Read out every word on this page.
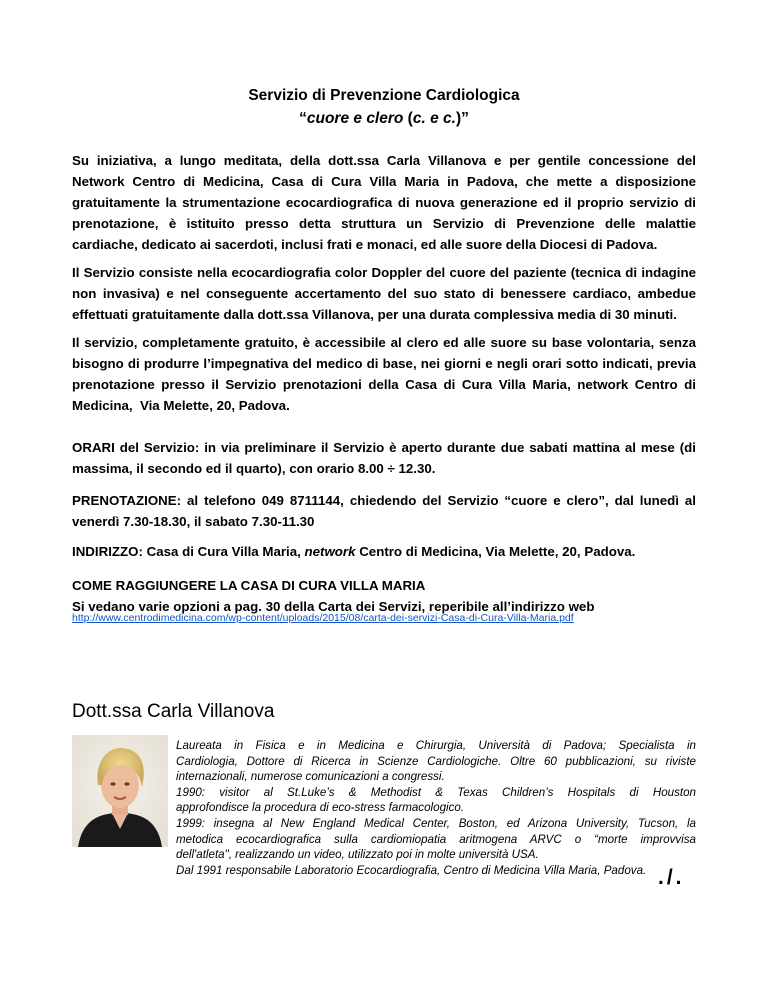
Servizio di Prevenzione Cardiologica
“cuore e clero (c. e c.)”
Su iniziativa, a lungo meditata, della dott.ssa Carla Villanova e per gentile concessione del
Network Centro di Medicina, Casa di Cura Villa Maria in Padova, che mette a disposizione
gratuitamente la strumentazione ecocardiografica di nuova generazione ed il proprio servizio di
prenotazione, è istituito presso detta struttura un Servizio di Prevenzione delle malattie
cardiache, dedicato ai sacerdoti, inclusi frati e monaci, ed alle suore della Diocesi di Padova.
Il Servizio consiste nella ecocardiografia color Doppler del cuore del paziente (tecnica di indagine
non invasiva) e nel conseguente accertamento del suo stato di benessere cardiaco, ambedue
effettuati gratuitamente dalla dott.ssa Villanova, per una durata complessiva media di 30 minuti.
Il servizio, completamente gratuito, è accessibile al clero ed alle suore su base volontaria, senza
bisogno di produrre l’impegnativa del medico di base, nei giorni e negli orari sotto indicati, previa
prenotazione presso il Servizio prenotazioni della Casa di Cura Villa Maria, network Centro di
Medicina,  Via Melette, 20, Padova.
ORARI del Servizio: in via preliminare il Servizio è aperto durante due sabati mattina al mese (di
massima, il secondo ed il quarto), con orario 8.00 ÷ 12.30.
PRENOTAZIONE: al telefono 049 8711144, chiedendo del Servizio “cuore e clero”, dal lunedì al
venerdì 7.30-18.30, il sabato 7.30-11.30
INDIRIZZO: Casa di Cura Villa Maria, network Centro di Medicina, Via Melette, 20, Padova.
COME RAGGIUNGERE LA CASA DI CURA VILLA MARIA
Si vedano varie opzioni a pag. 30 della Carta dei Servizi, reperibile all’indirizzo web
http://www.centrodimedicina.com/wp-content/uploads/2015/08/carta-dei-servizi-Casa-di-Cura-Villa-Maria.pdf
Dott.ssa Carla Villanova
Laureata in Fisica e in Medicina e Chirurgia, Università di Padova; Specialista in
Cardiologia, Dottore di Ricerca in Scienze Cardiologiche. Oltre 60 pubblicazioni, su riviste
internazionali, numerose comunicazioni a congressi.
1990: visitor al St.Luke’s & Methodist & Texas Children’s Hospitals di Houston
approfondisce la procedura di eco-stress farmacologico.
1999: insegna al New England Medical Center, Boston, ed Arizona University, Tucson, la
metodica ecocardiografica sulla cardiomiopatia aritmogena ARVC o “morte improvvisa
dell'atleta", realizzando un video, utilizzato poi in molte università USA.
Dal 1991 responsabile Laboratorio Ecocardiografia, Centro di Medicina Villa Maria, Padova. ./.
